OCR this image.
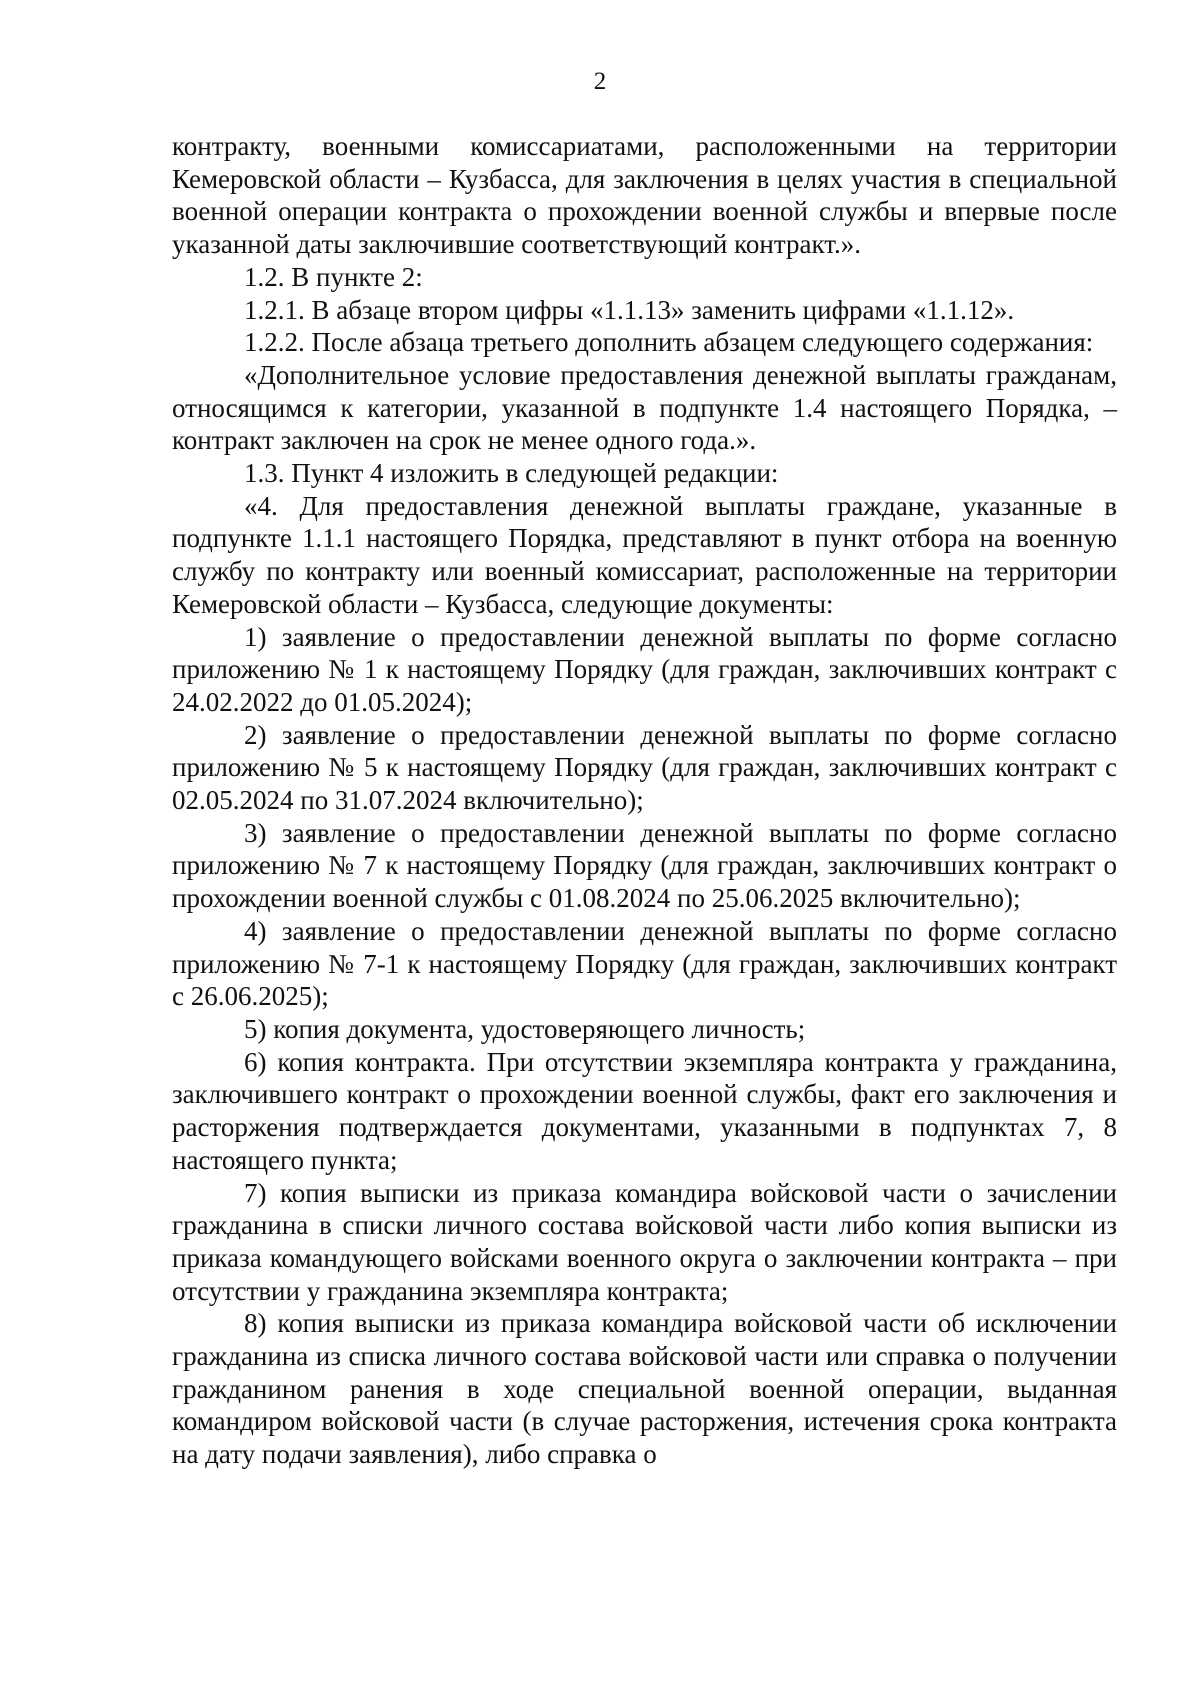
2

контракту, военными комиссариатами, расположенными на территории Кемеровской области – Кузбасса, для заключения в целях участия в специальной военной операции контракта о прохождении военной службы и впервые после указанной даты заключившие соответствующий контракт.».

1.2. В пункте 2:

1.2.1. В абзаце втором цифры «1.1.13» заменить цифрами «1.1.12».

1.2.2. После абзаца третьего дополнить абзацем следующего содержания:

«Дополнительное условие предоставления денежной выплаты гражданам, относящимся к категории, указанной в подпункте 1.4 настоящего Порядка, – контракт заключен на срок не менее одного года.».

1.3. Пункт 4 изложить в следующей редакции:

«4. Для предоставления денежной выплаты граждане, указанные в подпункте 1.1.1 настоящего Порядка, представляют в пункт отбора на военную службу по контракту или военный комиссариат, расположенные на территории Кемеровской области – Кузбасса, следующие документы:

1) заявление о предоставлении денежной выплаты по форме согласно приложению № 1 к настоящему Порядку (для граждан, заключивших контракт с 24.02.2022 до 01.05.2024);

2) заявление о предоставлении денежной выплаты по форме согласно приложению № 5 к настоящему Порядку (для граждан, заключивших контракт с 02.05.2024 по 31.07.2024 включительно);

3) заявление о предоставлении денежной выплаты по форме согласно приложению № 7 к настоящему Порядку (для граждан, заключивших контракт о прохождении военной службы с 01.08.2024 по 25.06.2025 включительно);

4) заявление о предоставлении денежной выплаты по форме согласно приложению № 7-1 к настоящему Порядку (для граждан, заключивших контракт с 26.06.2025);

5) копия документа, удостоверяющего личность;

6) копия контракта. При отсутствии экземпляра контракта у гражданина, заключившего контракт о прохождении военной службы, факт его заключения и расторжения подтверждается документами, указанными в подпунктах 7, 8 настоящего пункта;

7) копия выписки из приказа командира войсковой части о зачислении гражданина в списки личного состава войсковой части либо копия выписки из приказа командующего войсками военного округа о заключении контракта – при отсутствии у гражданина экземпляра контракта;

8) копия выписки из приказа командира войсковой части об исключении гражданина из списка личного состава войсковой части или справка о получении гражданином ранения в ходе специальной военной операции, выданная командиром войсковой части (в случае расторжения, истечения срока контракта на дату подачи заявления), либо справка о
